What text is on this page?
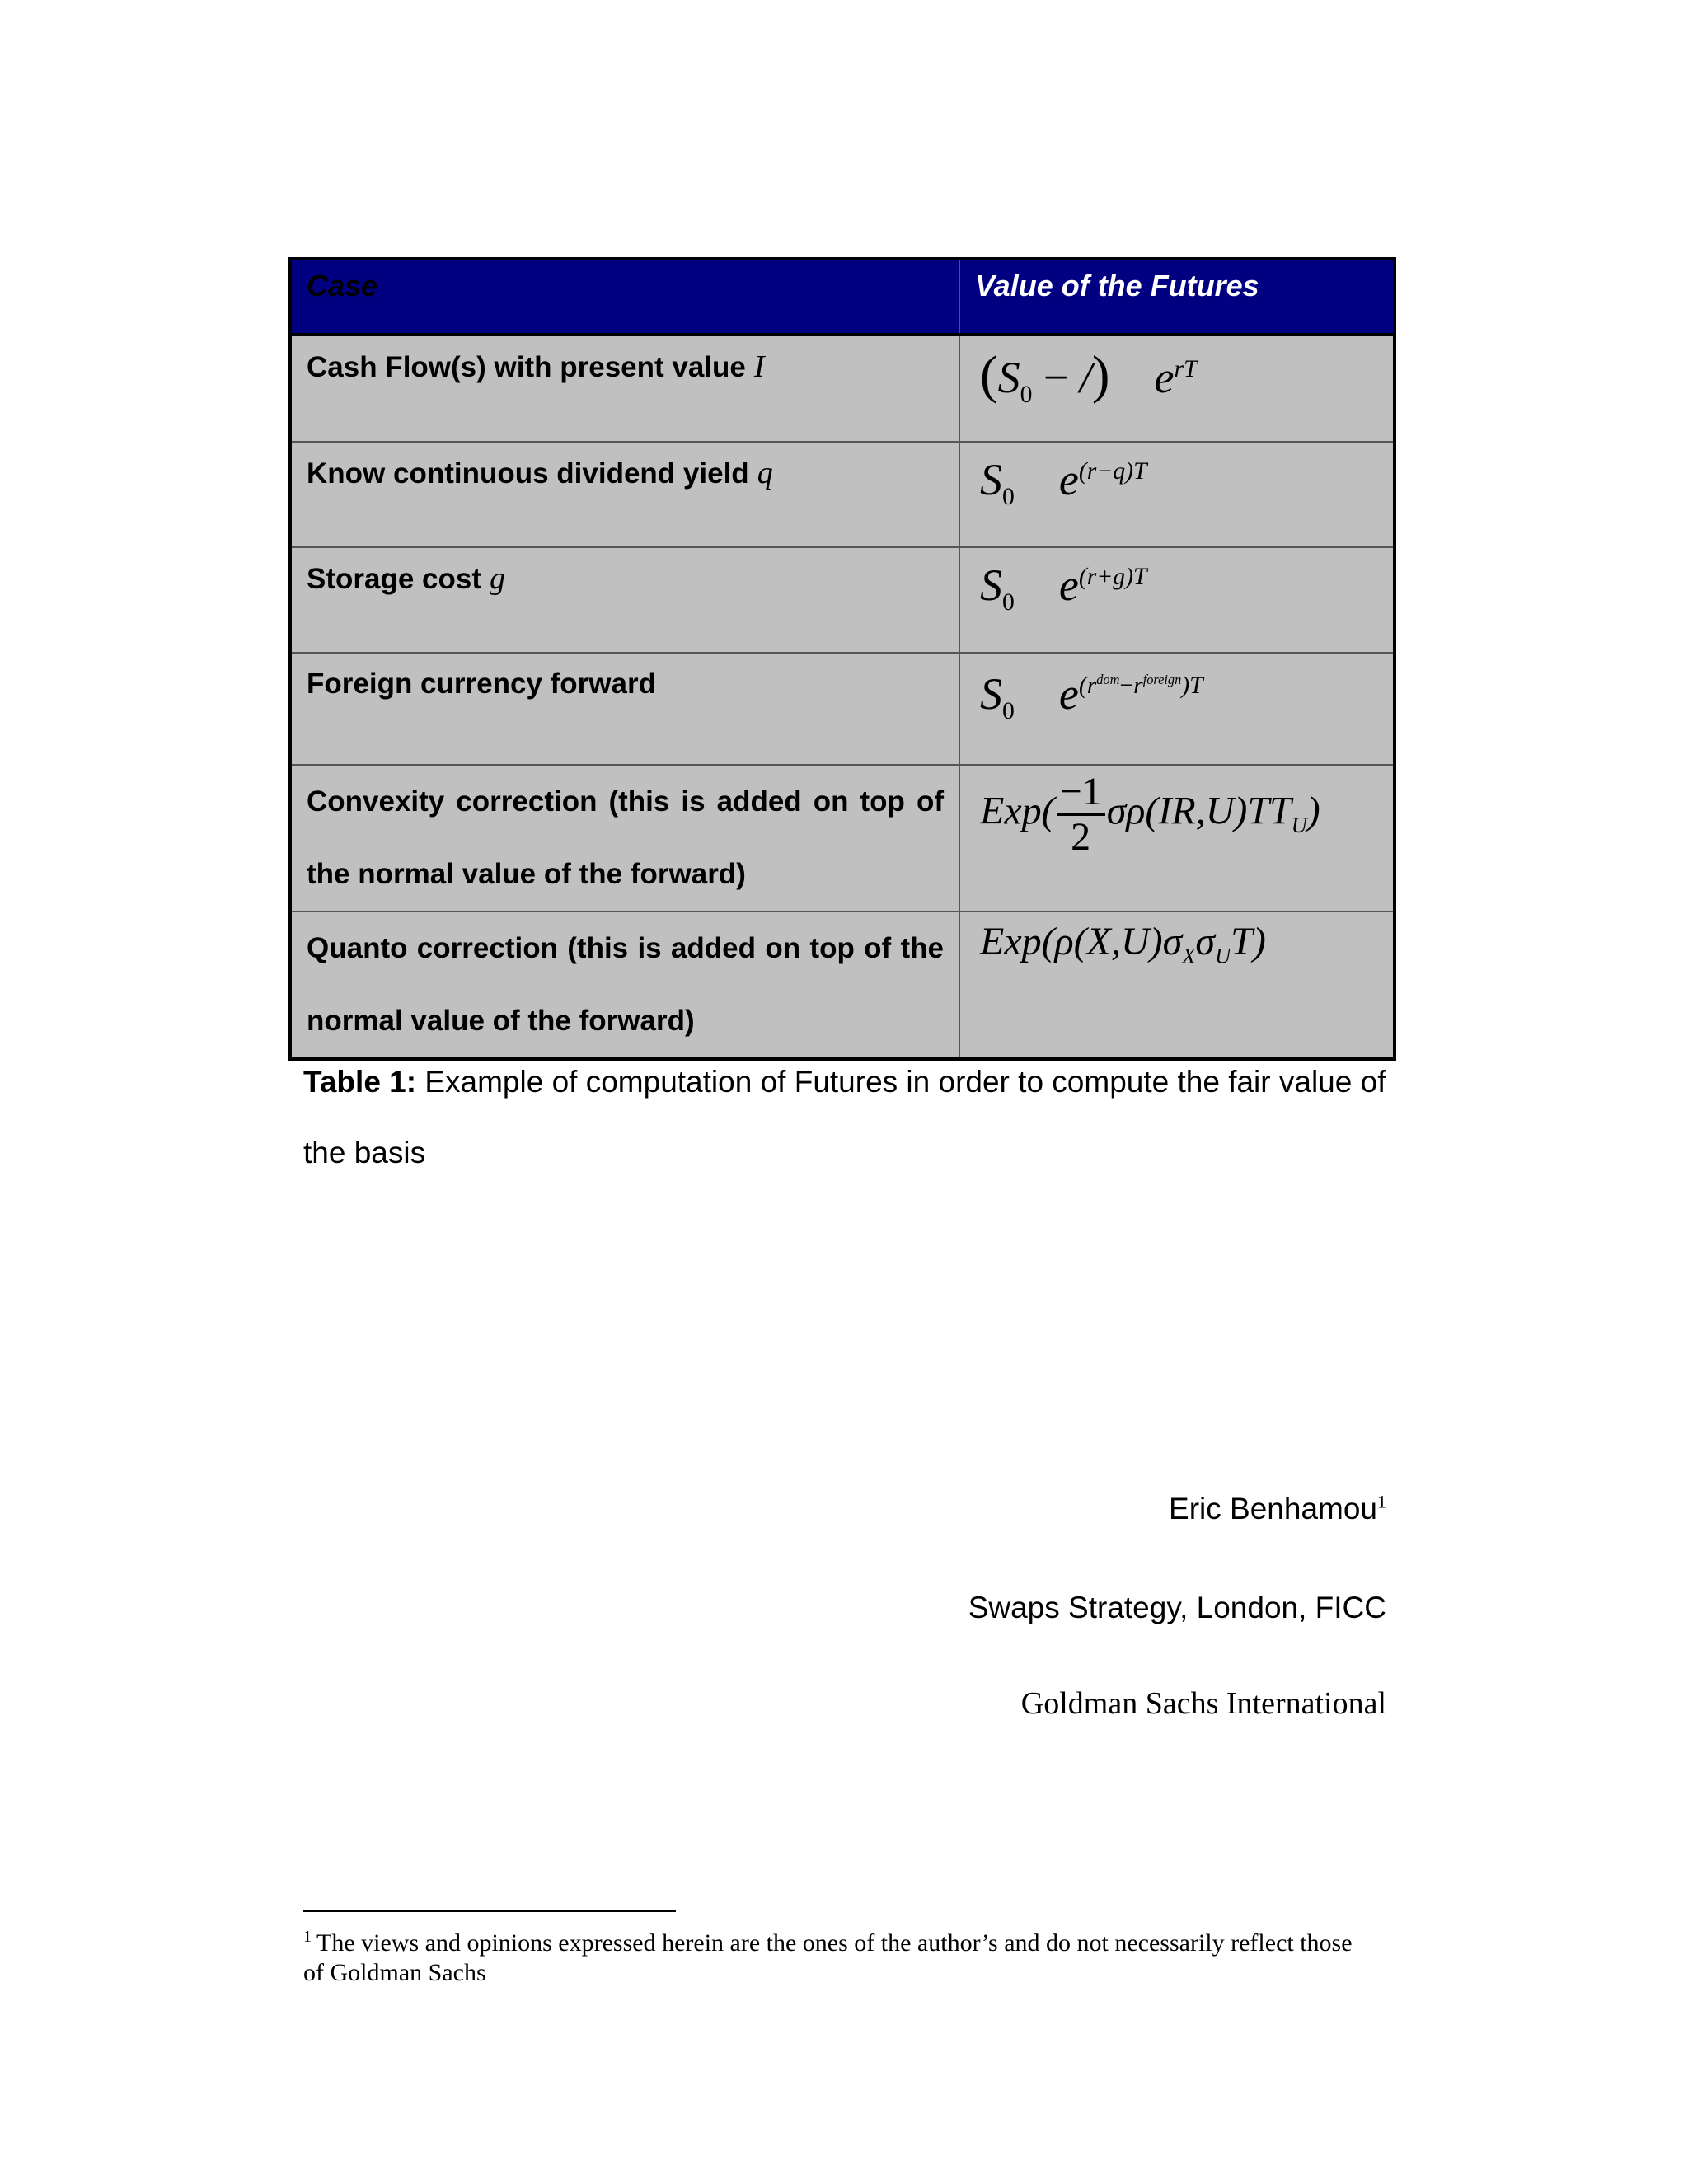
Case	Value of the Futures
Cash Flow(s) with present value I	($S_0$ − /) $e^{rT}$
Know continuous dividend yield q	$S_0$ $e^{(r-q)T}$
Storage cost g	$S_0$ $e^{(r+g)T}$
Foreign currency forward	$S_0$ $e^{(r^{dom}-r^{foreign})T}$
Convexity correction (this is added on top of the normal value of the forward)	$Exp( \frac{-1}{2} \sigma\rho(IR,U)TT_U)$
Quanto correction (this is added on top of the normal value of the forward)	$Exp(\rho(X,U)\sigma_X\sigma_UT)$
Table 1: Example of computation of Futures in order to compute the fair value of the basis
Eric Benhamou$^1$
Swaps Strategy, London, FICC
Goldman Sachs International
$^1$ The views and opinions expressed herein are the ones of the author’s and do not necessarily reflect those of Goldman Sachs
